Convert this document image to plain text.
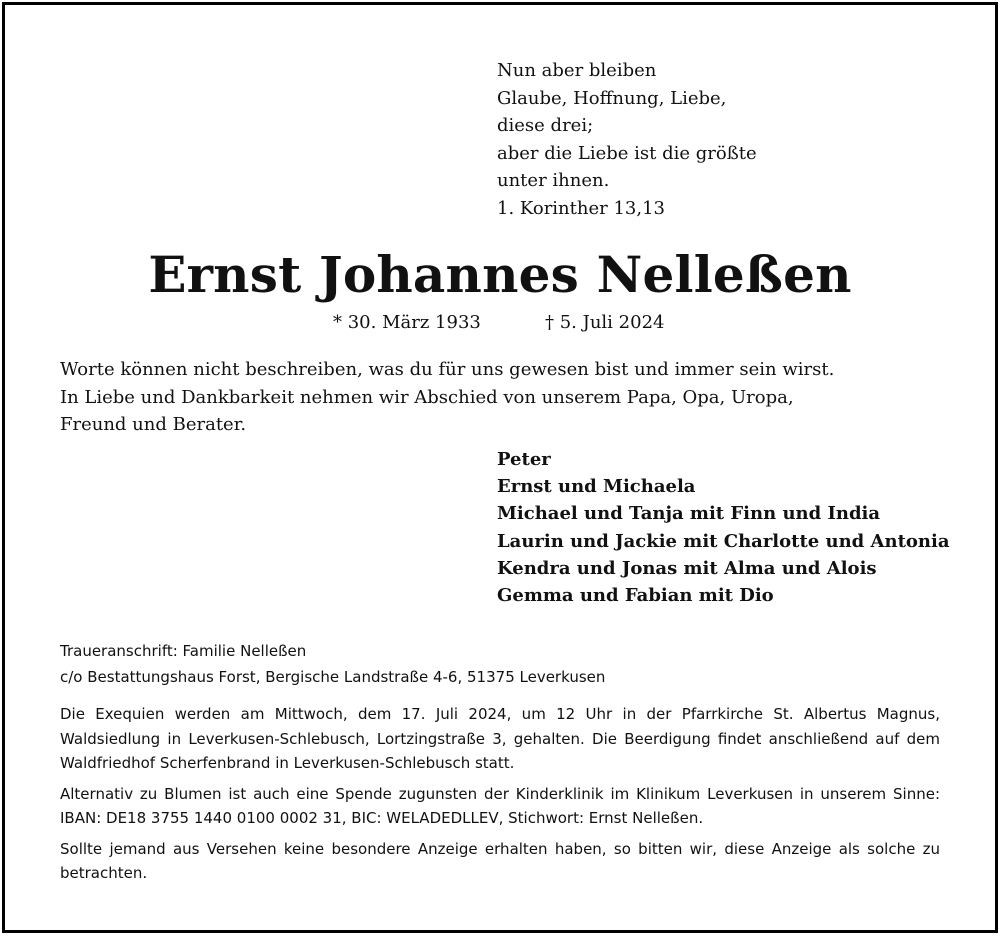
Nun aber bleiben
Glaube, Hoffnung, Liebe,
diese drei;
aber die Liebe ist die größte
unter ihnen.
1. Korinther 13,13
Ernst Johannes Nelleßen
* 30. März 1933	† 5. Juli 2024
Worte können nicht beschreiben, was du für uns gewesen bist und immer sein wirst.
In Liebe und Dankbarkeit nehmen wir Abschied von unserem Papa, Opa, Uropa,
Freund und Berater.
Peter
Ernst und Michaela
Michael und Tanja mit Finn und India
Laurin und Jackie mit Charlotte und Antonia
Kendra und Jonas mit Alma und Alois
Gemma und Fabian mit Dio
Traueranschrift: Familie Nelleßen
c/o Bestattungshaus Forst, Bergische Landstraße 4-6, 51375 Leverkusen

Die Exequien werden am Mittwoch, dem 17. Juli 2024, um 12 Uhr in der Pfarrkirche St. Albertus Magnus, Waldsiedlung in Leverkusen-Schlebusch, Lortzingstraße 3, gehalten. Die Beerdigung findet anschließend auf dem Waldfriedhof Scherfenbrand in Leverkusen-Schlebusch statt.

Alternativ zu Blumen ist auch eine Spende zugunsten der Kinderklinik im Klinikum Leverkusen in unserem Sinne: IBAN: DE18 3755 1440 0100 0002 31, BIC: WELADEDLLEV, Stichwort: Ernst Nelleßen.

Sollte jemand aus Versehen keine besondere Anzeige erhalten haben, so bitten wir, diese Anzeige als solche zu betrachten.
